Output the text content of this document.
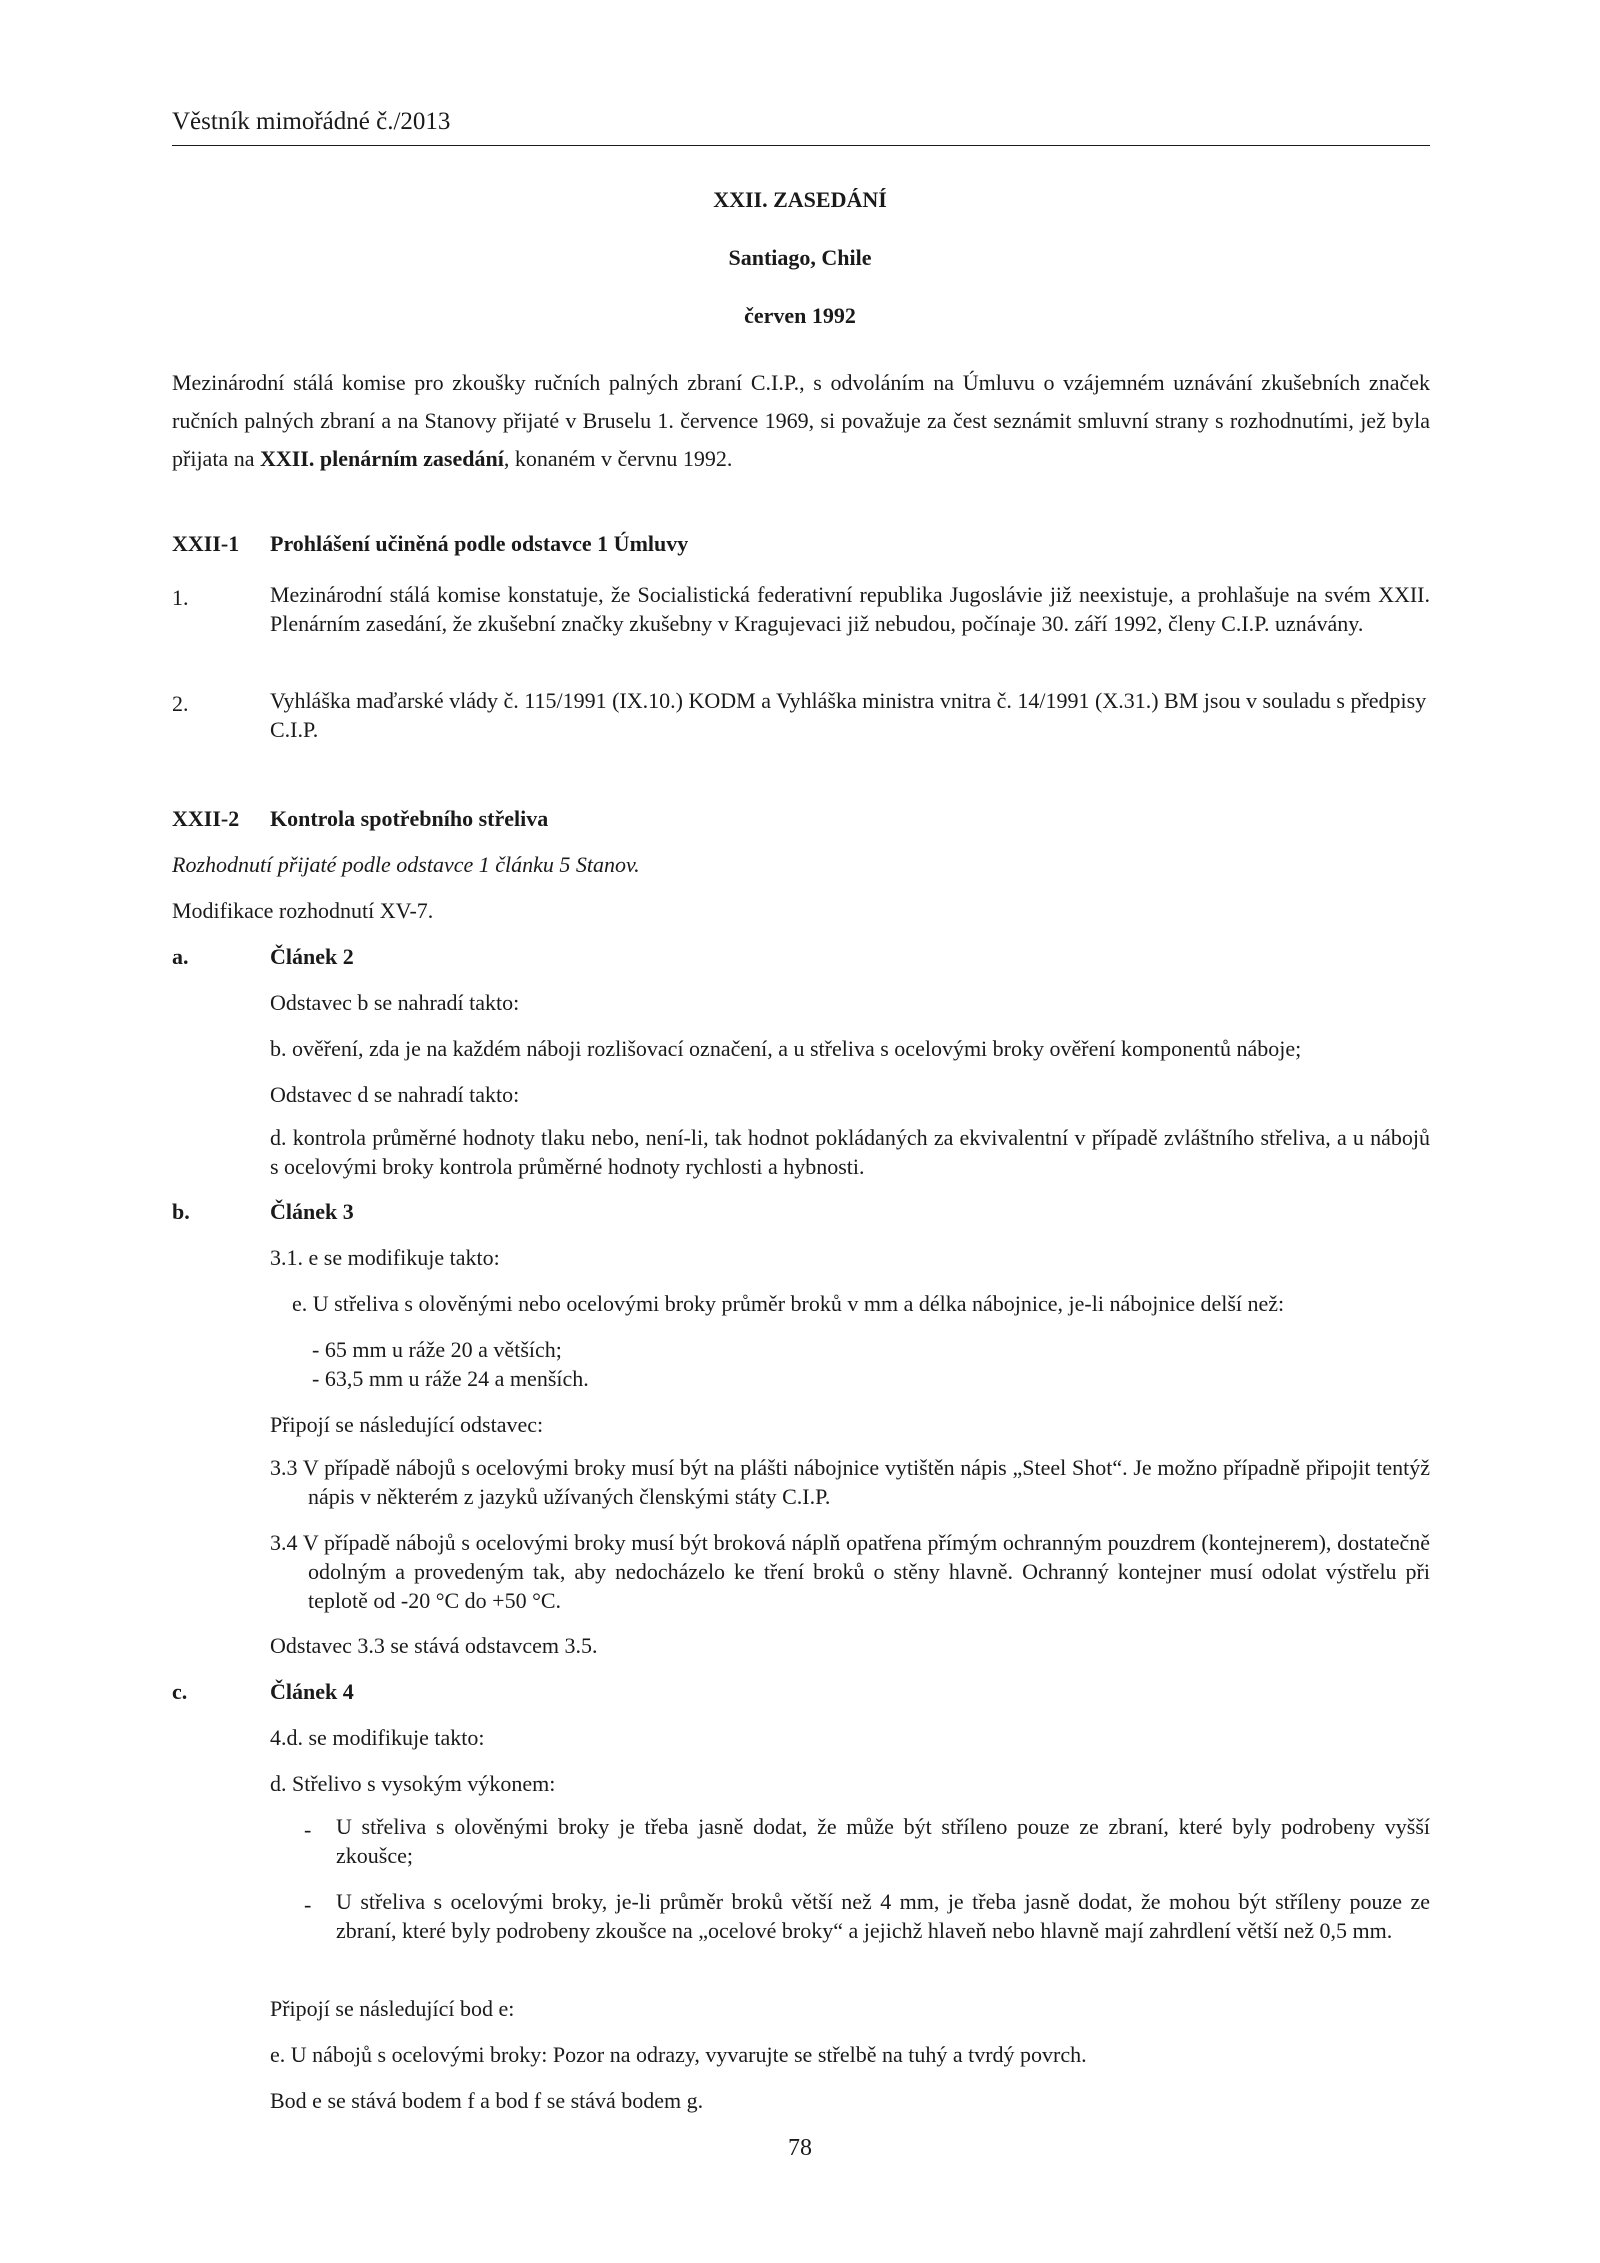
Věstník mimořádné č./2013
XXII. ZASEDÁNÍ
Santiago, Chile
červen 1992
Mezinárodní stálá komise pro zkoušky ručních palných zbraní C.I.P., s odvoláním na Úmluvu o vzájemném uznávání zkušebních značek ručních palných zbraní a na Stanovy přijaté v Bruselu 1. července 1969, si považuje za čest seznámit smluvní strany s rozhodnutími, jež byla přijata na XXII. plenárním zasedání, konaném v červnu 1992.
XXII-1 Prohlášení učiněná podle odstavce 1 Úmluvy
1.	Mezinárodní stálá komise konstatuje, že Socialistická federativní republika Jugoslávie již neexistuje, a prohlašuje na svém XXII. Plenárním zasedání, že zkušební značky zkušebny v Kragujevaci již nebudou, počínaje 30. září 1992, členy C.I.P. uznávány.
2.	Vyhláška maďarské vlády č. 115/1991 (IX.10.) KODM a Vyhláška ministra vnitra č. 14/1991 (X.31.) BM jsou v souladu s předpisy C.I.P.
XXII-2 Kontrola spotřebního střeliva
Rozhodnutí přijaté podle odstavce 1 článku 5 Stanov.
Modifikace rozhodnutí XV-7.
a.	Článek 2
Odstavec b se nahradí takto:
b. ověření, zda je na každém náboji rozlišovací označení, a u střeliva s ocelovými broky ověření komponentů náboje;
Odstavec d se nahradí takto:
d. kontrola průměrné hodnoty tlaku nebo, není-li, tak hodnot pokládaných za ekvivalentní v případě zvláštního střeliva, a u nábojů s ocelovými broky kontrola průměrné hodnoty rychlosti a hybnosti.
b.	Článek 3
3.1. e se modifikuje takto:
e. U střeliva s olověnými nebo ocelovými broky průměr broků v mm a délka nábojnice, je-li nábojnice delší než:
- 65 mm u ráže 20 a větších;
- 63,5 mm u ráže 24 a menších.
Připojí se následující odstavec:
3.3 V případě nábojů s ocelovými broky musí být na plášti nábojnice vytištěn nápis „Steel Shot“. Je možno případně připojit tentýž nápis v některém z jazyků užívaných členskými státy C.I.P.
3.4 V případě nábojů s ocelovými broky musí být broková náplň opatřena přímým ochranným pouzdrem (kontejnerem), dostatečně odolným a provedeným tak, aby nedocházelo ke tření broků o stěny hlavně. Ochranný kontejner musí odolat výstřelu při teplotě od -20 °C do +50 °C.
Odstavec 3.3 se stává odstavcem 3.5.
c.	Článek 4
4.d. se modifikuje takto:
d. Střelivo s vysokým výkonem:
- U střeliva s olověnými broky je třeba jasně dodat, že může být stříleno pouze ze zbraní, které byly podrobeny vyšší zkoušce;
- U střeliva s ocelovými broky, je-li průměr broků větší než 4 mm, je třeba jasně dodat, že mohou být stříleny pouze ze zbraní, které byly podrobeny zkoušce na „ocelové broky“ a jejichž hlaveň nebo hlavně mají zahrdlení větší než 0,5 mm.
Připojí se následující bod e:
e. U nábojů s ocelovými broky: Pozor na odrazy, vyvarujte se střelbě na tuhý a tvrdý povrch.
Bod e se stává bodem f a bod f se stává bodem g.
78
